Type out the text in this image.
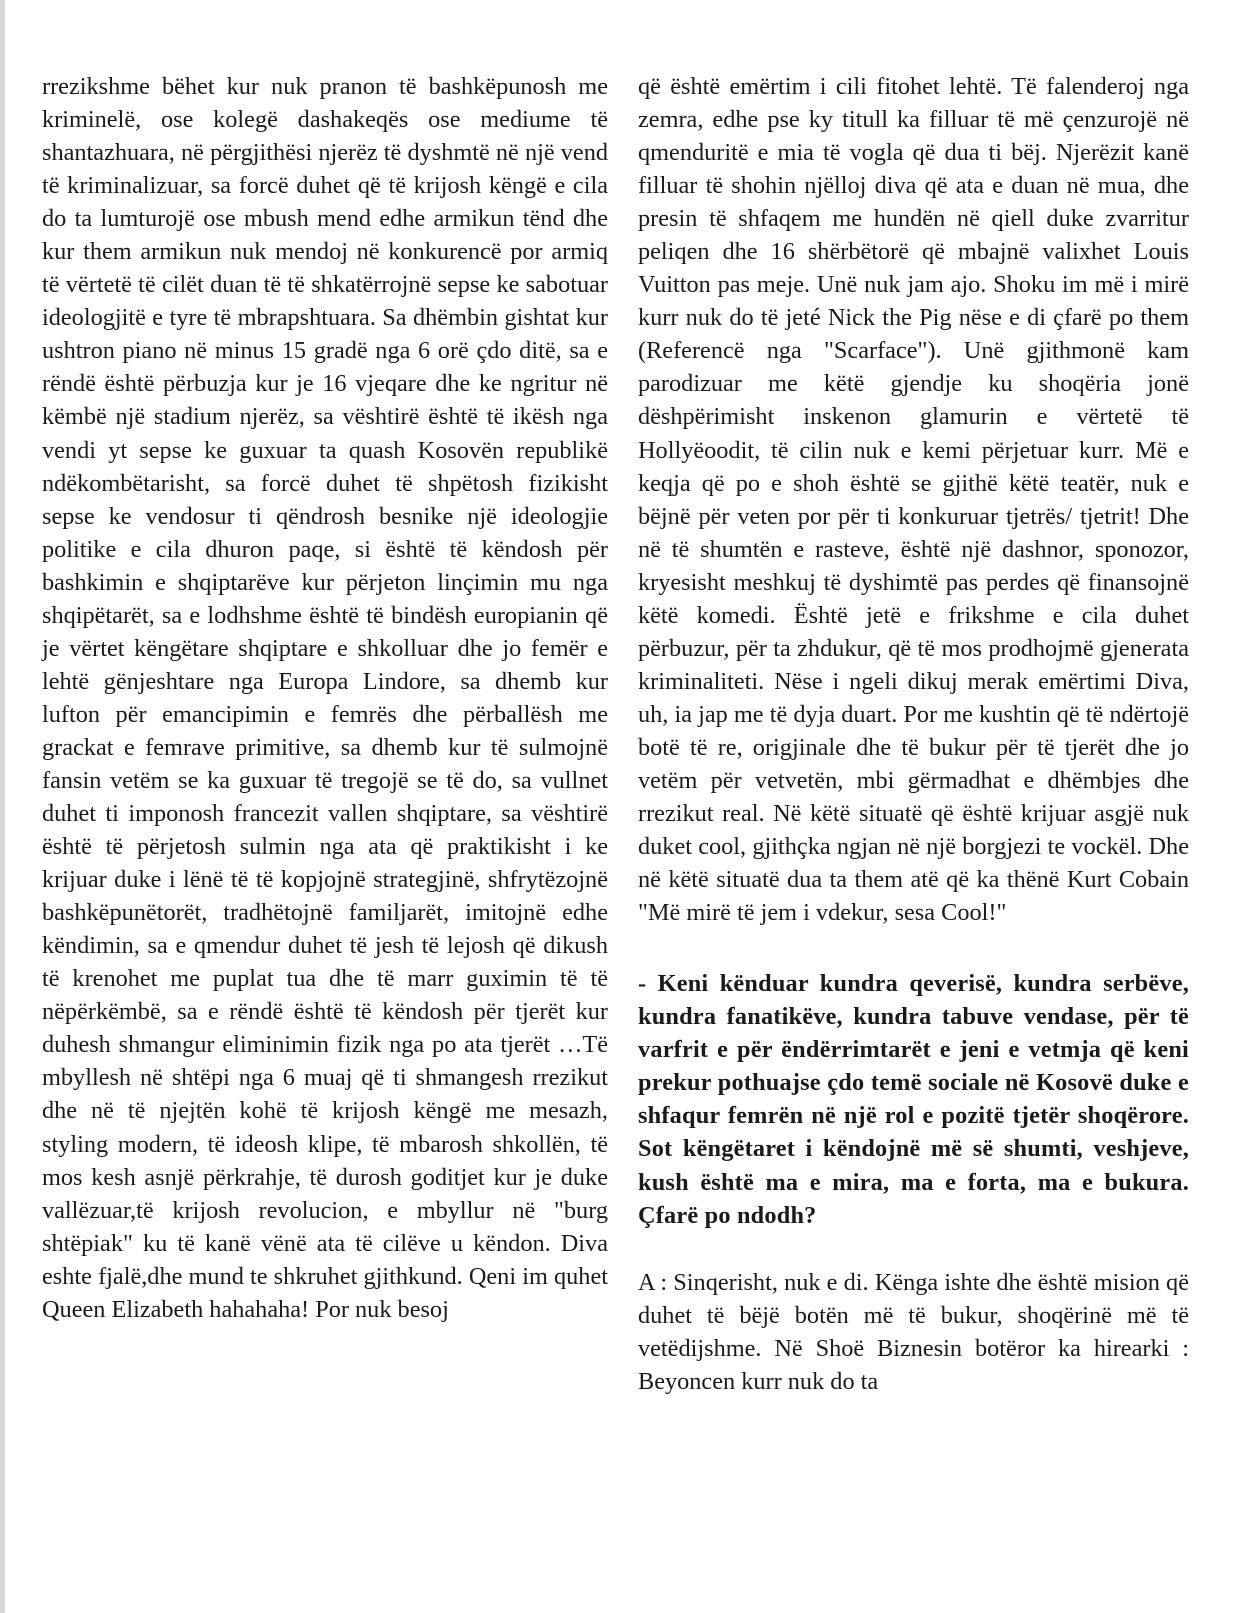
rrezikshme bëhet kur nuk pranon të bashkëpunosh me kriminelë, ose kolegë dashakeqës ose mediume të shantazhuara, në përgjithësi njerëz të dyshmtë në një vend të kriminalizuar, sa forcë duhet që të krijosh këngë e cila do ta lumturojë ose mbush mend edhe armikun tënd dhe kur them armikun nuk mendoj në konkurencë por armiq të vërtetë të cilët duan të të shkatërrojnë sepse ke sabotuar ideologjitë e tyre të mbrapshtuara. Sa dhëmbin gishtat kur ushtron piano në minus 15 gradë nga 6 orë çdo ditë, sa e rëndë është përbuzja kur je 16 vjeqare dhe ke ngritur në këmbë një stadium njerëz, sa vështirë është të ikësh nga vendi yt sepse ke guxuar ta quash Kosovën republikë ndëkombëtarisht, sa forcë duhet të shpëtosh fizikisht sepse ke vendosur ti qëndrosh besnike një ideologjie politike e cila dhuron paqe, si është të këndosh për bashkimin e shqiptarëve kur përjeton linçimin mu nga shqipëtarët, sa e lodhshme është të bindësh europianin që je vërtet këngëtare shqiptare e shkolluar dhe jo femër e lehtë gënjeshtare nga Europa Lindore, sa dhemb kur lufton për emancipimin e femrës dhe përballësh me grackat e femrave primitive, sa dhemb kur të sulmojnë fansin vetëm se ka guxuar të tregojë se të do, sa vullnet duhet ti imponosh francezit vallen shqiptare, sa vështirë është të përjetosh sulmin nga ata që praktikisht i ke krijuar duke i lënë të të kopjojnë strategjinë, shfrytëzojnë bashkëpunëtorët, tradhëtojnë familjarët, imitojnë edhe këndimin, sa e qmendur duhet të jesh të lejosh që dikush të krenohet me puplat tua dhe të marr guximin të të nëpërkëmbë, sa e rëndë është të këndosh për tjerët kur duhesh shmangur eliminimin fizik nga po ata tjerët …Të mbyllesh në shtëpi nga 6 muaj që ti shmangesh rrezikut dhe në të njejtën kohë të krijosh këngë me mesazh, styling modern, të ideosh klipe, të mbarosh shkollën, të mos kesh asnjë përkrahje, të durosh goditjet kur je duke vallëzuar,të krijosh revolucion, e mbyllur në "burg shtëpiak" ku të kanë vënë ata të cilëve u këndon. Diva eshte fjalë,dhe mund te shkruhet gjithkund. Qeni im quhet Queen Elizabeth hahahaha! Por nuk besoj

që është emërtim i cili fitohet lehtë. Të falenderoj nga zemra, edhe pse ky titull ka filluar të më çenzurojë në qmenduritë e mia të vogla që dua ti bëj. Njerëzit kanë filluar të shohin njëlloj diva që ata e duan në mua, dhe presin të shfaqem me hundën në qiell duke zvarritur peliqen dhe 16 shërbëtorë që mbajnë valixhet Louis Vuitton pas meje. Unë nuk jam ajo. Shoku im më i mirë kurr nuk do të jeté Nick the Pig nëse e di çfarë po them (Referencë nga "Scarface"). Unë gjithmonë kam parodizuar me këtë gjendje ku shoqëria jonë dëshpërimisht inskenon glamurin e vërtetë të Hollyëoodit, të cilin nuk e kemi përjetuar kurr. Më e keqja që po e shoh është se gjithë këtë teatër, nuk e bëjnë për veten por për ti konkuruar tjetrës/ tjetrit! Dhe në të shumtën e rasteve, është një dashnor, sponozor, kryesisht meshkuj të dyshimtë pas perdes që finansojnë këtë komedi. Është jetë e frikshme e cila duhet përbuzur, për ta zhdukur, që të mos prodhojmë gjenerata kriminaliteti. Nëse i ngeli dikuj merak emërtimi Diva, uh, ia jap me të dyja duart. Por me kushtin që të ndërtojë botë të re, origjinale dhe të bukur për të tjerët dhe jo vetëm për vetvetën, mbi gërmadhat e dhëmbjes dhe rrezikut real. Në këtë situatë që është krijuar asgjë nuk duket cool, gjithçka ngjan në një borgjezi te vockël. Dhe në këtë situatë dua ta them atë që ka thënë Kurt Cobain "Më mirë të jem i vdekur, sesa Cool!"

- Keni kënduar kundra qeverisë, kundra serbëve, kundra fanatikëve, kundra tabuve vendase, për të varfrit e për ëndërrimtarët e jeni e vetmja që keni prekur pothuajse çdo temë sociale në Kosovë duke e shfaqur femrën në një rol e pozitë tjetër shoqërore. Sot këngëtaret i këndojnë më së shumti, veshjeve, kush është ma e mira, ma e forta, ma e bukura. Çfarë po ndodh?

A : Sinqerisht, nuk e di. Kënga ishte dhe është mision që duhet të bëjë botën më të bukur, shoqërinë më të vetëdijshme. Në Shoë Biznesin botëror ka hirearki : Beyoncen kurr nuk do ta
